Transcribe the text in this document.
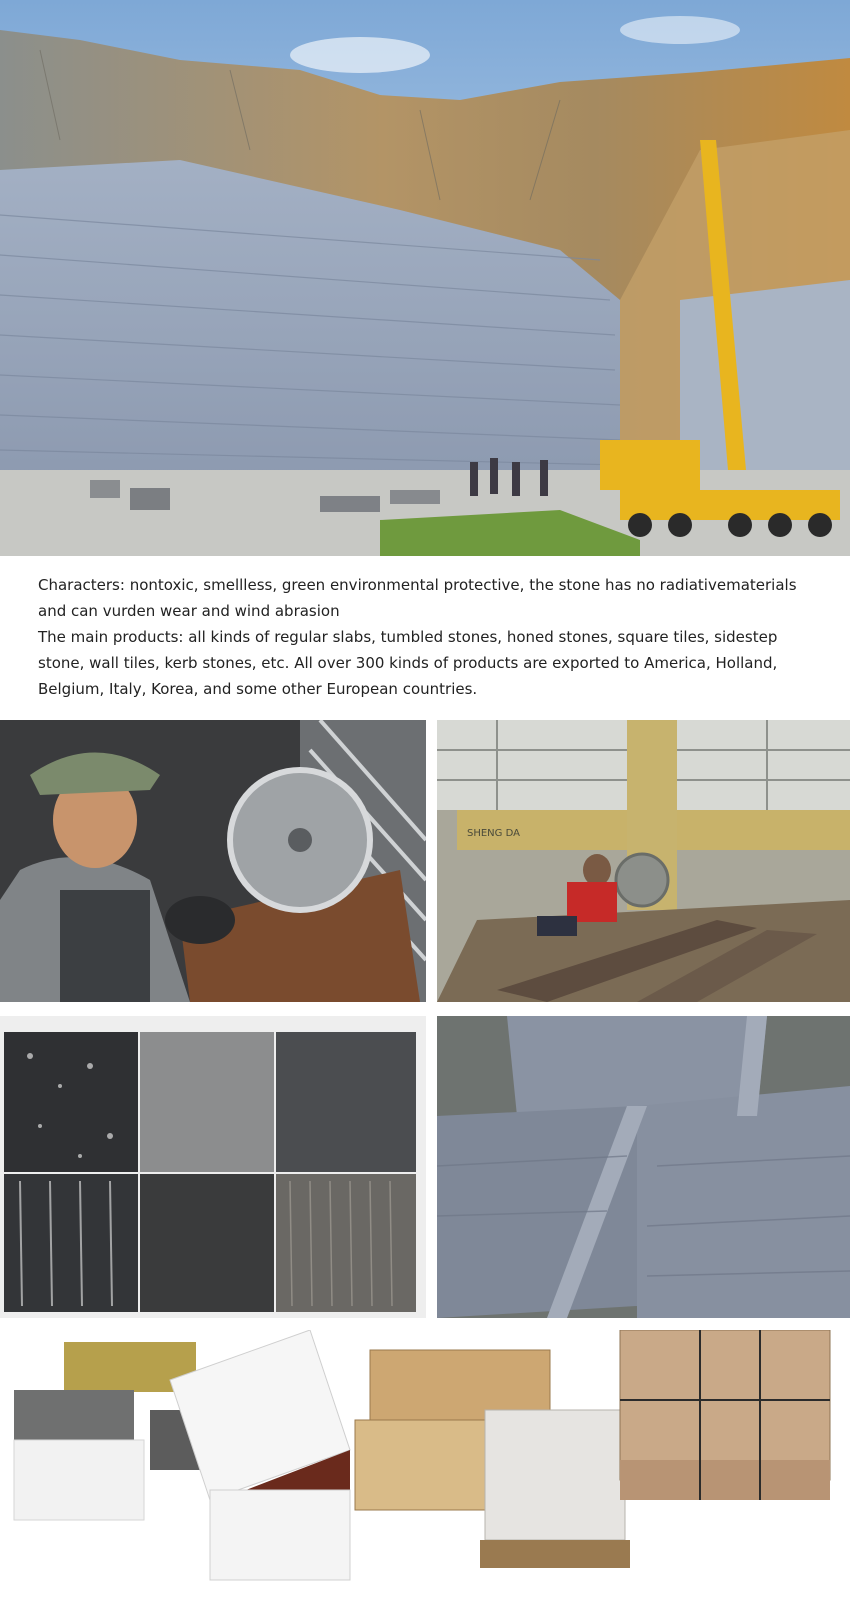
Characters: nontoxic, smellless, green environmental protective, the stone has no radiativematerials and can vurden wear and wind abrasion

The main products: all kinds of regular slabs, tumbled stones, honed stones, square tiles, sidestep stone, wall tiles, kerb stones, etc. All over 300 kinds of products are exported to America, Holland, Belgium, Italy, Korea, and some other European countries.

SHENG DA
